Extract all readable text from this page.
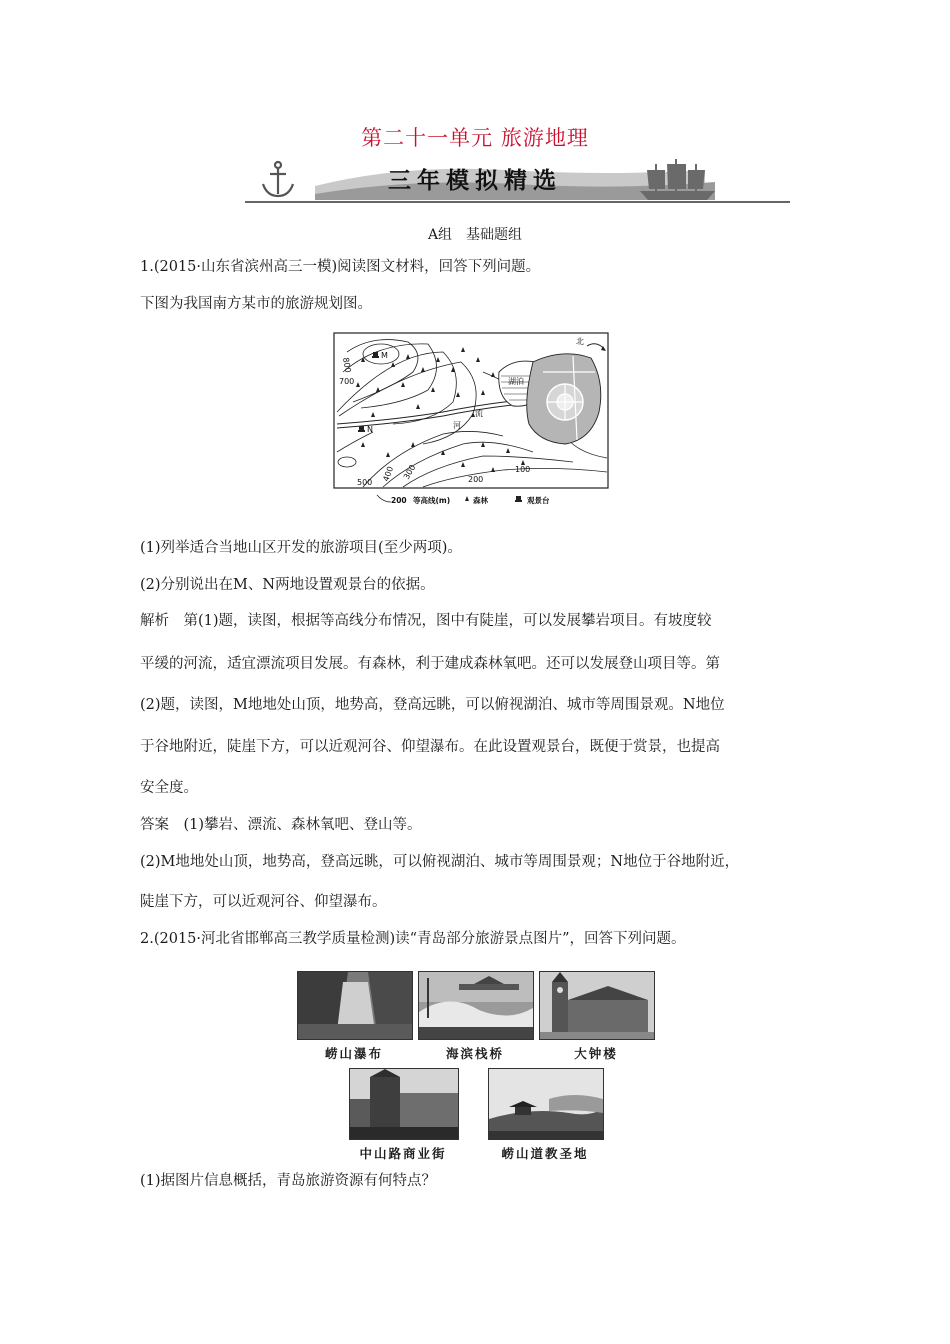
第二十一单元 旅游地理
三年模拟精选
A组　基础题组
1.(2015·山东省滨州高三一模)阅读图文材料，回答下列问题。
下图为我国南方某市的旅游规划图。
北
湖泊
河
流
M
N
800
700
500 400 300	200
100
200 等高线(m)	森林	观景台
(1)列举适合当地山区开发的旅游项目(至少两项)。
(2)分别说出在M、N两地设置观景台的依据。
解析　第(1)题，读图，根据等高线分布情况，图中有陡崖，可以发展攀岩项目。有坡度较
平缓的河流，适宜漂流项目发展。有森林，利于建成森林氧吧。还可以发展登山项目等。第
(2)题，读图，M地地处山顶，地势高，登高远眺，可以俯视湖泊、城市等周围景观。N地位
于谷地附近，陡崖下方，可以近观河谷、仰望瀑布。在此设置观景台，既便于赏景，也提高
安全度。
答案　(1)攀岩、漂流、森林氧吧、登山等。
(2)M地地处山顶，地势高，登高远眺，可以俯视湖泊、城市等周围景观；N地位于谷地附近，
陡崖下方，可以近观河谷、仰望瀑布。
2.(2015·河北省邯郸高三教学质量检测)读“青岛部分旅游景点图片”，回答下列问题。
崂山瀑布	海滨栈桥	大钟楼
中山路商业街	崂山道教圣地
(1)据图片信息概括，青岛旅游资源有何特点？
